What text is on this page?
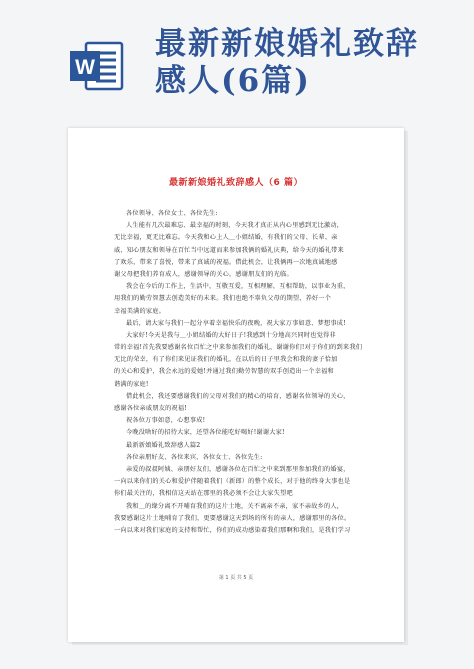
W
最新新娘婚礼致辞
感人(6篇)
最新新娘婚礼致辞感人（6 篇）
各位领导、各位女士、各位先生:
人生能有几次最难忘、最幸福的时刻，今天我才真正从内心里感到无比激动，
无比幸福，更无比难忘。今天我和心上人＿小姐结婚，有我们的父母、长辈、亲
戚、知心朋友和领导在百忙当中远道而来参加我俩的婚礼庆典，给今天的婚礼带来
了欢乐，带来了喜悦，带来了真诚的祝福。借此机会，让我俩再一次地真诚地感
谢父母把我们养育成人，感谢领导的关心，感谢朋友们的光临。
我会在今后的工作上，生活中，互敬互爱，互相理解，互相帮助，以事业为重，
用我们的勤劳智慧去创造美好的未来。我们也绝不辜负父母的期望，养好一个
幸福美满的家庭。
最后，请大家与我们一起分享着幸福快乐的夜晚，祝大家万事如意、梦想事成!
大家好!今天是我与＿小姐结婚的大好日子!我感到十分地高兴同时也觉得非
常的幸福!首先我要感谢名位百忙之中来参加我们的婚礼，谢谢你们!对于你们的到来我们
无比的荣幸，有了你们来见证我们的婚礼，在以后的日子里我会和我的妻子恰加
的关心和爱护，我会永远的爱她!并通过我们勤劳智慧的双手创造出一个幸福和
谐满的家庭!
借此机会，我还要感谢我们的父母对我们的精心的培育，感谢名位领导的关心，
感谢各位亲戚朋友的祝福!
祝各位万事如意，心想事成!
今晚没啥好的招待大家，还望各位能吃好喝好!谢谢大家!
最新新娘婚礼致辞感人篇2
各位亲朋好友、各位来宾、各位女士、各位先生:
亲爱的叔叔阿姨、亲朋好友们，感谢各位在百忙之中来到那里参加我们的婚宴，
一向以来你们的关心和爱护伴随着我们（新郎）的整个成长，对于他的终身大事也是
你们最关注的，我相信这天站在那里的我必须不会让大家失望吧
我和＿的缘分离不开哺育我们的这片土地，关不离亲不亲，家不亲故乡的人，
我要感谢这片土地哺育了我们，更要感谢这天到场的所有的亲人，感谢那里的各位。
一向以来对我们家庭的支持和帮忙，你们的成功感染着我们那啊和我们，是我们学习
第 1 页 共 5 页
